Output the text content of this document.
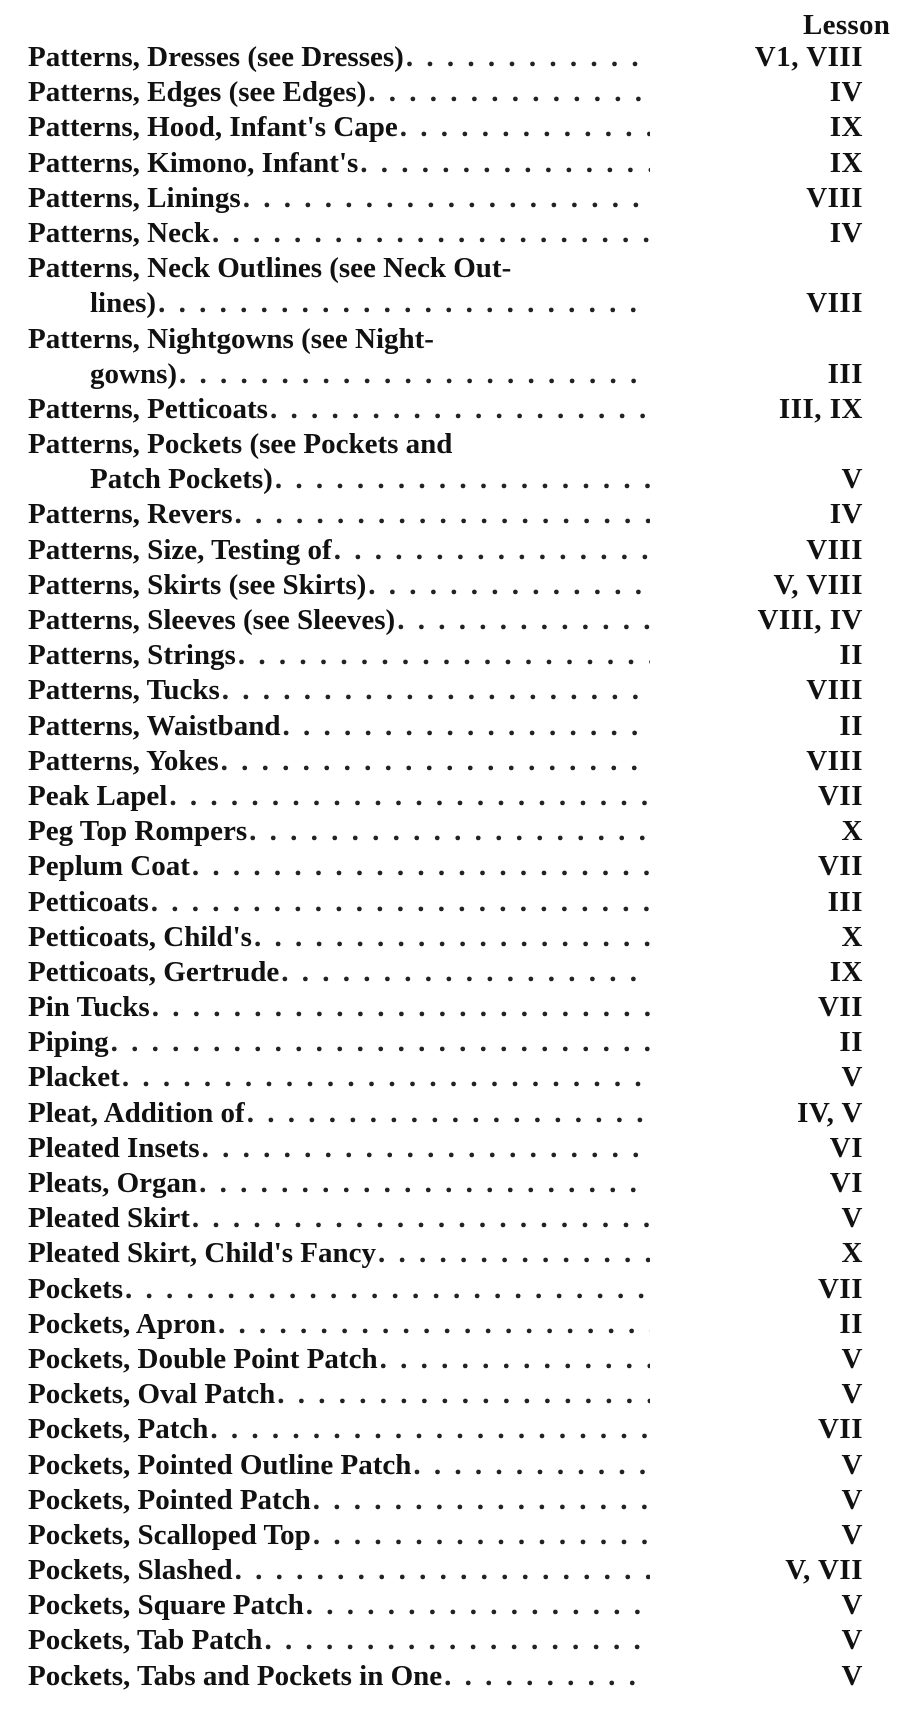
Lesson
Patterns, Dresses (see Dresses) . . .	V1, VIII
Patterns, Edges (see Edges) . . .	IV
Patterns, Hood, Infant's Cape . . .	IX
Patterns, Kimono, Infant's . . .	IX
Patterns, Linings . . .	VIII
Patterns, Neck . . .	IV
Patterns, Neck Outlines (see Neck Out-
lines) . . .	VIII
Patterns, Nightgowns (see Night-
gowns) . . .	III
Patterns, Petticoats . . .	III, IX
Patterns, Pockets (see Pockets and
Patch Pockets) . . .	V
Patterns, Revers . . .	IV
Patterns, Size, Testing of . . .	VIII
Patterns, Skirts (see Skirts) . . .	V, VIII
Patterns, Sleeves (see Sleeves) . . .	VIII, IV
Patterns, Strings . . .	II
Patterns, Tucks . . .	VIII
Patterns, Waistband . . .	II
Patterns, Yokes . . .	VIII
Peak Lapel . . .	VII
Peg Top Rompers . . .	X
Peplum Coat . . .	VII
Petticoats . . .	III
Petticoats, Child's . . .	X
Petticoats, Gertrude . . .	IX
Pin Tucks . . .	VII
Piping . . .	II
Placket . . .	V
Pleat, Addition of . . .	IV, V
Pleated Insets . . .	VI
Pleats, Organ . . .	VI
Pleated Skirt . . .	V
Pleated Skirt, Child's Fancy . . .	X
Pockets . . .	VII
Pockets, Apron . . .	II
Pockets, Double Point Patch . . .	V
Pockets, Oval Patch . . .	V
Pockets, Patch . . .	VII
Pockets, Pointed Outline Patch . . .	V
Pockets, Pointed Patch . . .	V
Pockets, Scalloped Top . . .	V
Pockets, Slashed . . .	V, VII
Pockets, Square Patch . . .	V
Pockets, Tab Patch . . .	V
Pockets, Tabs and Pockets in One . . .	V
